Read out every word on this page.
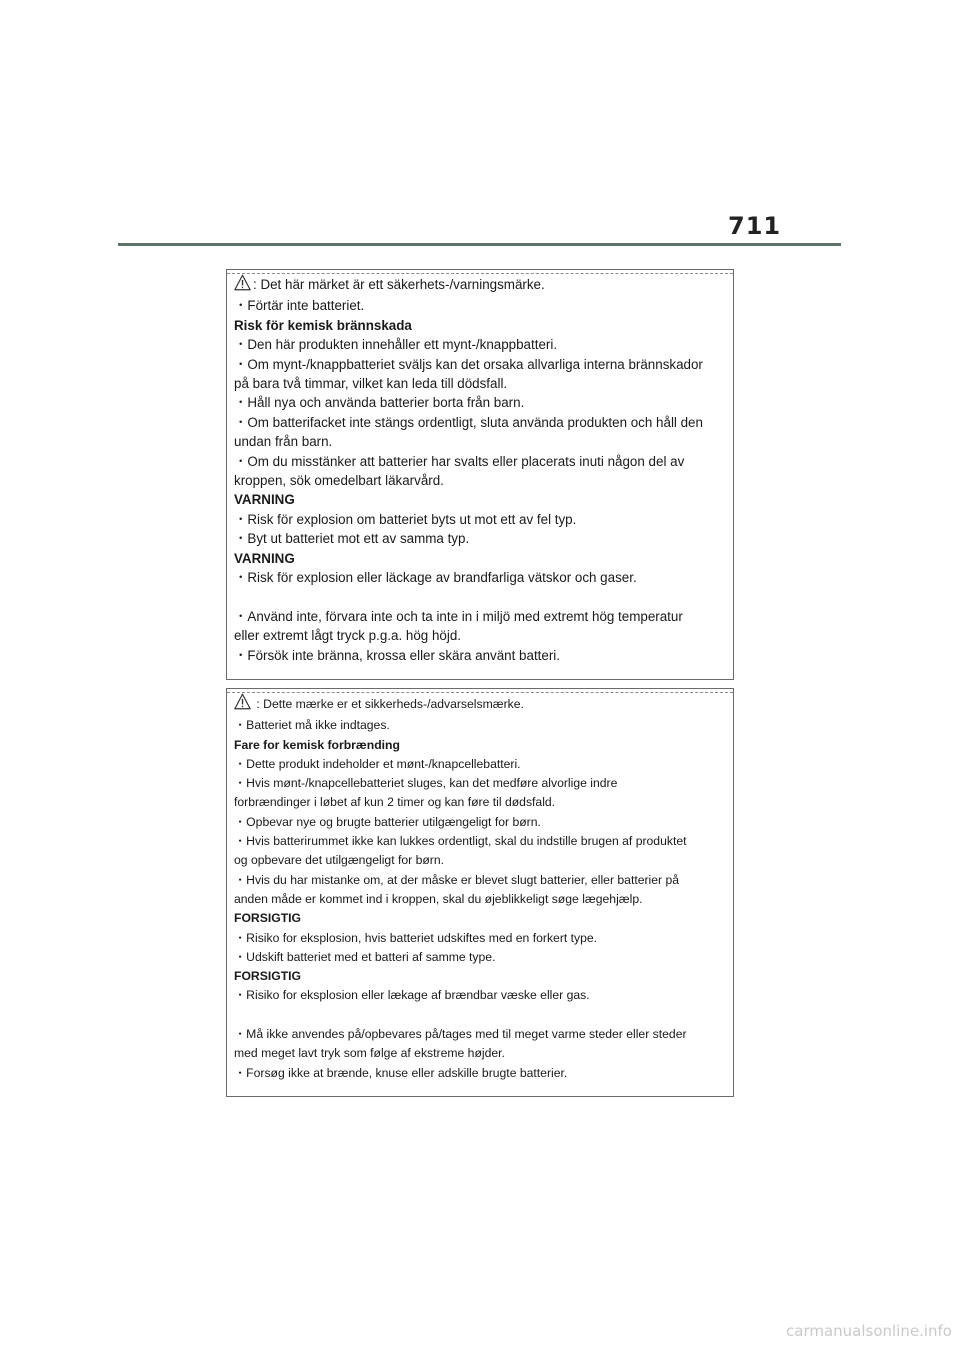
711
: Det här märket är ett säkerhets-/varningsmärke.
・Förtär inte batteriet.
Risk för kemisk brännskada
・Den här produkten innehåller ett mynt-/knappbatteri.
・Om mynt-/knappbatteriet sväljs kan det orsaka allvarliga interna brännskador
på bara två timmar, vilket kan leda till dödsfall.
・Håll nya och använda batterier borta från barn.
・Om batterifacket inte stängs ordentligt, sluta använda produkten och håll den
undan från barn.
・Om du misstänker att batterier har svalts eller placerats inuti någon del av
kroppen, sök omedelbart läkarvård.
VARNING
・Risk för explosion om batteriet byts ut mot ett av fel typ.
・Byt ut batteriet mot ett av samma typ.
VARNING
・Risk för explosion eller läckage av brandfarliga vätskor och gaser.
・Använd inte, förvara inte och ta inte in i miljö med extremt hög temperatur
eller extremt lågt tryck p.g.a. hög höjd.
・Försök inte bränna, krossa eller skära använt batteri.
: Dette mærke er et sikkerheds-/advarselsmærke.
・Batteriet må ikke indtages.
Fare for kemisk forbrænding
・Dette produkt indeholder et mønt-/knapcellebatteri.
・Hvis mønt-/knapcellebatteriet sluges, kan det medføre alvorlige indre
forbrændinger i løbet af kun 2 timer og kan føre til dødsfald.
・Opbevar nye og brugte batterier utilgængeligt for børn.
・Hvis batterirummet ikke kan lukkes ordentligt, skal du indstille brugen af produktet
og opbevare det utilgængeligt for børn.
・Hvis du har mistanke om, at der måske er blevet slugt batterier, eller batterier på
anden måde er kommet ind i kroppen, skal du øjeblikkeligt søge lægehjælp.
FORSIGTIG
・Risiko for eksplosion, hvis batteriet udskiftes med en forkert type.
・Udskift batteriet med et batteri af samme type.
FORSIGTIG
・Risiko for eksplosion eller lækage af brændbar væske eller gas.
・Må ikke anvendes på/opbevares på/tages med til meget varme steder eller steder
med meget lavt tryk som følge af ekstreme højder.
・Forsøg ikke at brænde, knuse eller adskille brugte batterier.
carmanualsonline.info
